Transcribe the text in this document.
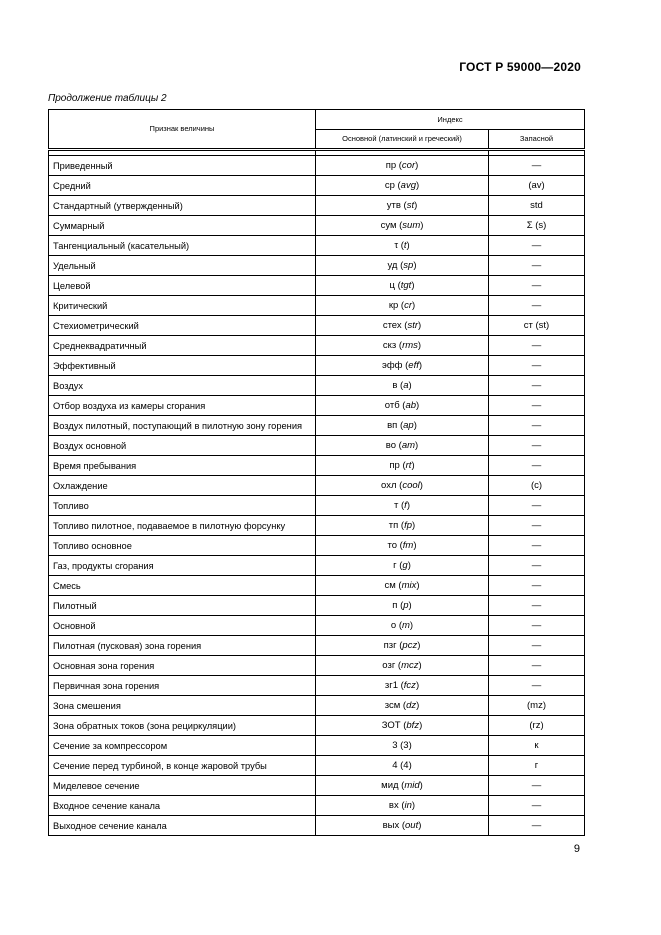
ГОСТ Р 59000—2020
Продолжение таблицы 2
Признак величины	Индекс	
	Основной (латинский и греческий)	Запасной

Приведенный	пр (cor)	—
Средний	ср (avg)	(av)
Стандартный (утвержденный)	утв (st)	std
Суммарный	сум (sum)	Σ (s)
Тангенциальный (касательный)	τ (t)	—
Удельный	уд (sp)	—
Целевой	ц (tgt)	—
Критический	кр (cr)	—
Стехиометрический	стех (str)	ст (st)
Среднеквадратичный	скз (rms)	—
Эффективный	эфф (eff)	—
Воздух	в (a)	—
Отбор воздуха из камеры сгорания	отб (ab)	—
Воздух пилотный, поступающий в пилотную зону горения	вп (ap)	—
Воздух основной	во (am)	—
Время пребывания	пр (rt)	—
Охлаждение	охл (cool)	(c)
Топливо	т (f)	—
Топливо пилотное, подаваемое в пилотную форсунку	тп (fp)	—
Топливо основное	то (fm)	—
Газ, продукты сгорания	г (g)	—
Смесь	см (mix)	—
Пилотный	п (p)	—
Основной	о (m)	—
Пилотная (пусковая) зона горения	пзг (pcz)	—
Основная зона горения	озг (mcz)	—
Первичная зона горения	зг1 (fcz)	—
Зона смешения	зсм (dz)	(mz)
Зона обратных токов (зона рециркуляции)	ЗОТ (bfz)	(rz)
Сечение за компрессором	3 (3)	к
Сечение перед турбиной, в конце жаровой трубы	4 (4)	г
Миделевое сечение	мид (mid)	—
Входное сечение канала	вх (in)	—
Выходное сечение канала	вых (out)	—
9
